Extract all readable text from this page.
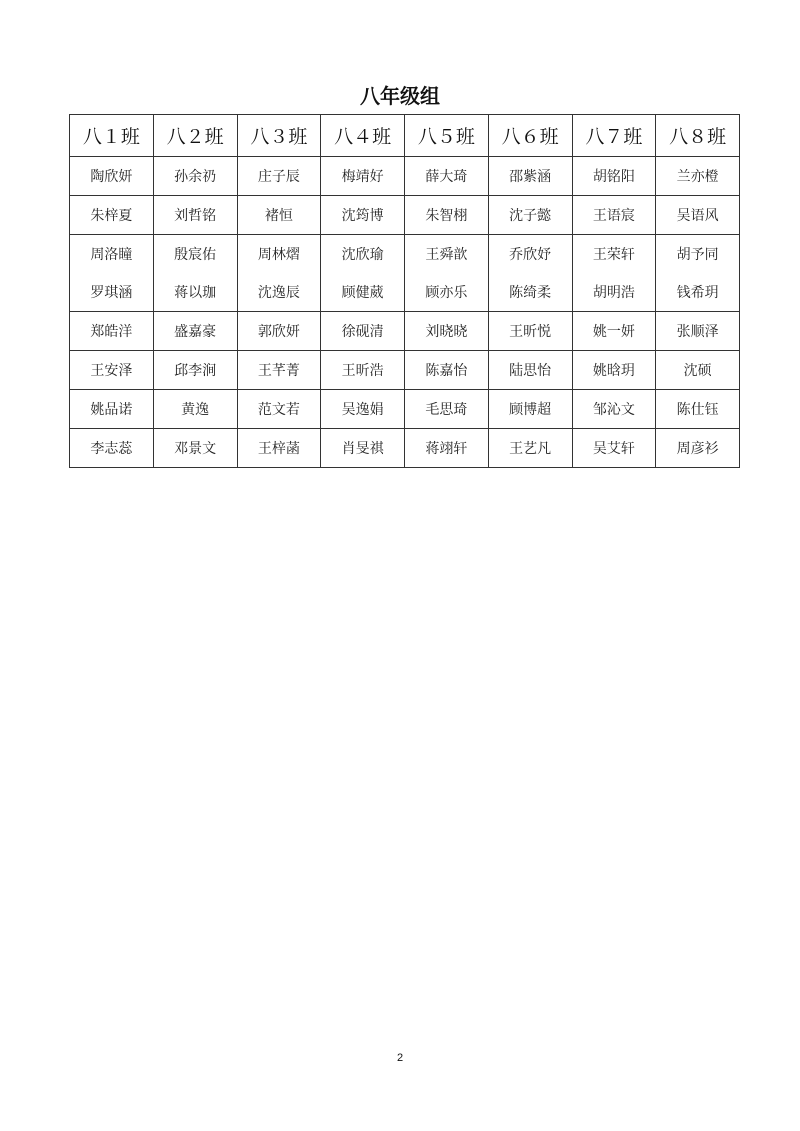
八年级组
八１班	八２班	八３班	八４班	八５班	八６班	八７班	八８班
陶欣妍	孙余礽	庄子辰	梅靖好	薛大琦	邵紫涵	胡铭阳	兰亦橙
朱梓夏	刘哲铭	褚恒	沈筠博	朱智栩	沈子懿	王语宸	吴语风
周洛瞳	殷宸佑	周林熠	沈欣瑜	王舜歆	乔欣妤	王荣轩	胡予同
罗琪涵	蒋以珈	沈逸辰	顾健葳	顾亦乐	陈绮柔	胡明浩	钱希玥
郑皓洋	盛嘉豪	郭欣妍	徐砚清	刘晓晓	王昕悦	姚一妍	张顺泽
王安泽	邱李涧	王芊菁	王昕浩	陈嘉怡	陆思怡	姚晗玥	沈硕
姚品诺	黄逸	范文若	吴逸娟	毛思琦	顾博超	邹沁文	陈仕钰
李志蕊	邓景文	王梓菡	肖旻祺	蒋翊轩	王艺凡	吴艾轩	周彦衫
2
